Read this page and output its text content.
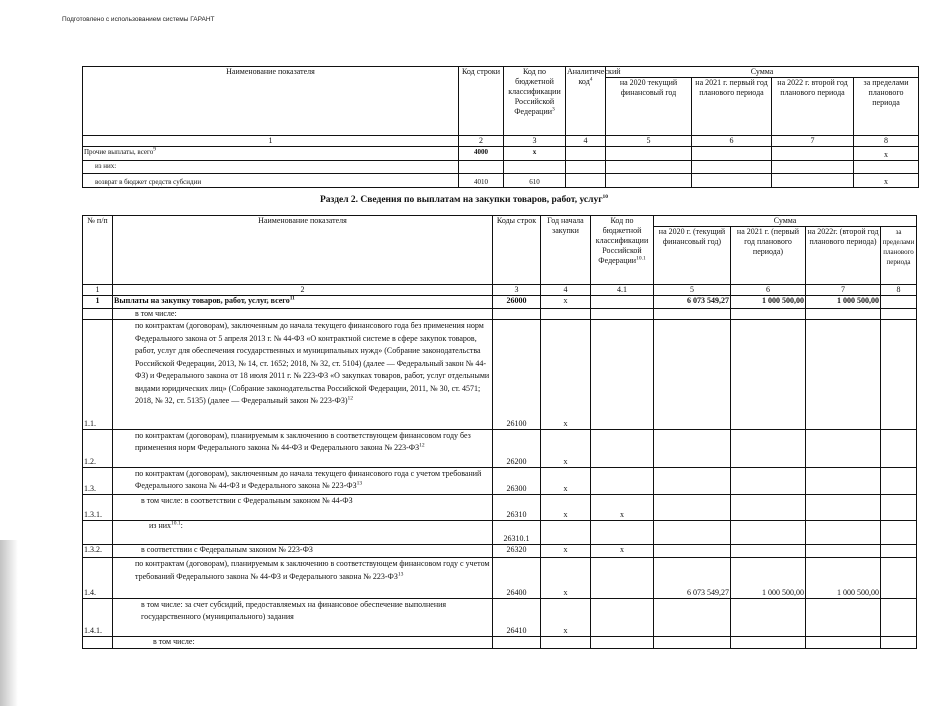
Подготовлено с использованием системы ГАРАНТ
Наименование показателя	Код строки	Код по бюджетной классификации Российской Федерации$^3$	Аналитический код$^4$	Сумма			
				на 2020 текущий финансовый год	на 2021 г. первый год планового периода	на 2022 г. второй год планового периода	за пределами планового периода
1	2	3	4	5	6	7	8
Прочие выплаты, всего$^9$	4000	x					x
из них:							
возврат в бюджет средств субсидии	4010	610					x
Раздел 2. Сведения по выплатам на закупки товаров, работ, услуг$^{10}$
№ п/п	Наименование показателя	Коды строк	Год начала закупки	Код по бюджетной классификации Российской Федерации$^{10.1}$	Сумма			
					на 2020 г. (текущий финансовый год)	на 2021 г. (первый год планового периода)	на 2022г. (второй год планового периода)	за пределами планового периода
1	2	3	4	4.1	5	6	7	8
1	Выплаты на закупку товаров, работ, услуг, всего$^{11}$	26000	x		6 073 549,27	1 000 500,00	1 000 500,00	
	в том числе:							
1.1.	по контрактам (договорам), заключенным до начала текущего финансового года без применения норм Федерального закона от 5 апреля 2013 г. № 44-ФЗ «О контрактной системе в сфере закупок товаров, работ, услуг для обеспечения государственных и муниципальных нужд» (Собрание законодательства Российской Федерации, 2013, № 14, ст. 1652; 2018, № 32, ст. 5104) (далее — Федеральный закон № 44-ФЗ) и Федерального закона от 18 июля 2011 г. № 223-ФЗ «О закупках товаров, работ, услуг отдельными видами юридических лиц» (Собрание законодательства Российской Федерации, 2011, № 30, ст. 4571; 2018, № 32, ст. 5135) (далее — Федеральный закон № 223-ФЗ)$^{12}$	26100	x					
1.2.	по контрактам (договорам), планируемым к заключению в соответствующем финансовом году без применения норм Федерального закона № 44-ФЗ и Федерального закона № 223-ФЗ$^{12}$	26200	x					
1.3.	по контрактам (договорам), заключенным до начала текущего финансового года с учетом требований Федерального закона № 44-ФЗ и Федерального закона № 223-ФЗ$^{13}$	26300	x					
1.3.1.	в том числе: в соответствии с Федеральным законом № 44-ФЗ	26310	x	x				
	из них$^{10.1}$:	26310.1						
1.3.2.	в соответствии с Федеральным законом № 223-ФЗ	26320	x	x				
1.4.	по контрактам (договорам), планируемым к заключению в соответствующем финансовом году с учетом требований Федерального закона № 44-ФЗ и Федерального закона № 223-ФЗ$^{13}$	26400	x		6 073 549,27	1 000 500,00	1 000 500,00	
1.4.1.	в том числе: за счет субсидий, предоставляемых на финансовое обеспечение выполнения государственного (муниципального) задания	26410	x					
	в том числе:							
